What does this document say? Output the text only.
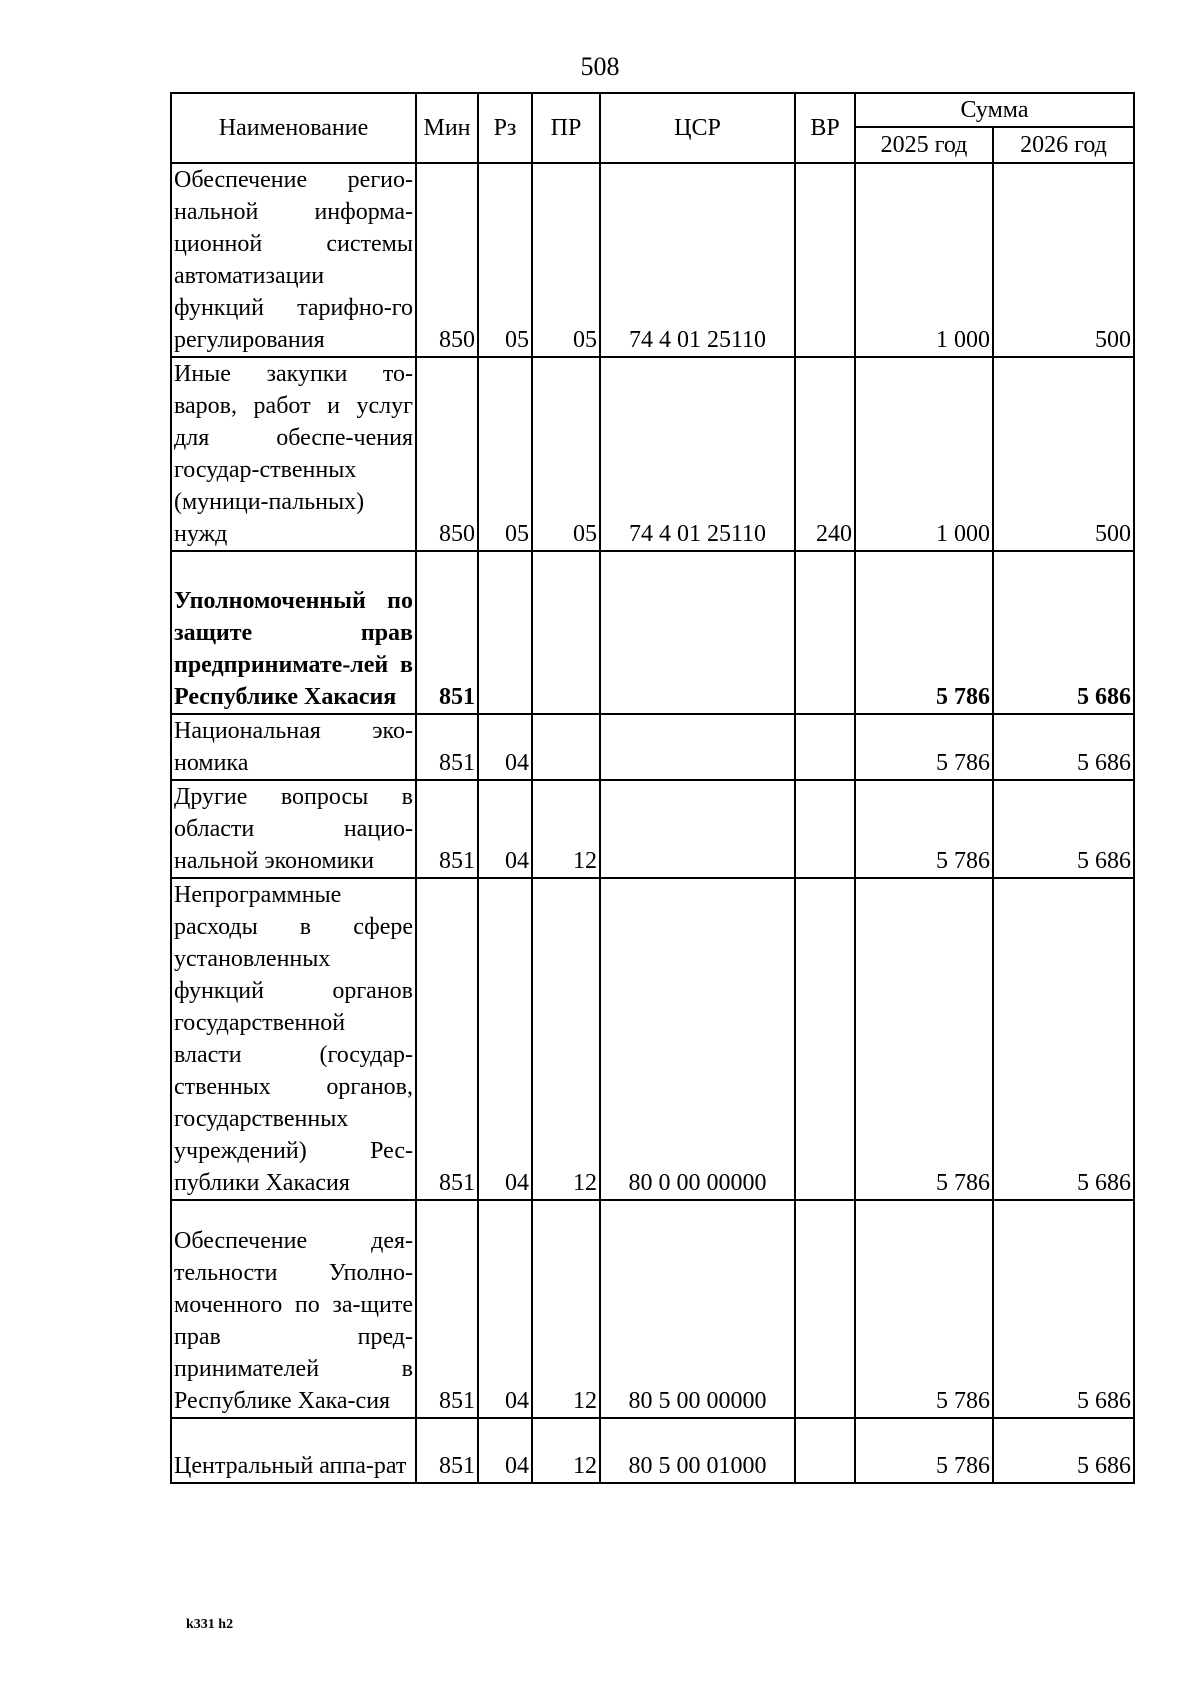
508
Наименование	Мин	Рз	ПР	ЦСР	ВР	Сумма	
						2025 год	2026 год
Обеспечение регио-нальной информа-ционной системы автоматизации функций тарифно-го регулирования	850	05	05	74 4 01 25110		1 000	500
Иные закупки то-варов, работ и услуг для обеспе-чения государ-ственных (муници-пальных) нужд	850	05	05	74 4 01 25110	240	1 000	500
Уполномоченный по защите прав предпринимате-лей в Республике Хакасия	851					5 786	5 686
Национальная эко-номика	851	04				5 786	5 686
Другие вопросы в области нацио-нальной экономики	851	04	12			5 786	5 686
Непрограммные расходы в сфере установленных функций органов государственной власти (государ-ственных органов, государственных учреждений) Рес-публики Хакасия	851	04	12	80 0 00 00000		5 786	5 686
Обеспечение дея-тельности Уполно-моченного по за-щите прав пред-принимателей в Республике Хака-сия	851	04	12	80 5 00 00000		5 786	5 686
Центральный аппа-рат	851	04	12	80 5 00 01000		5 786	5 686
k331 h2
